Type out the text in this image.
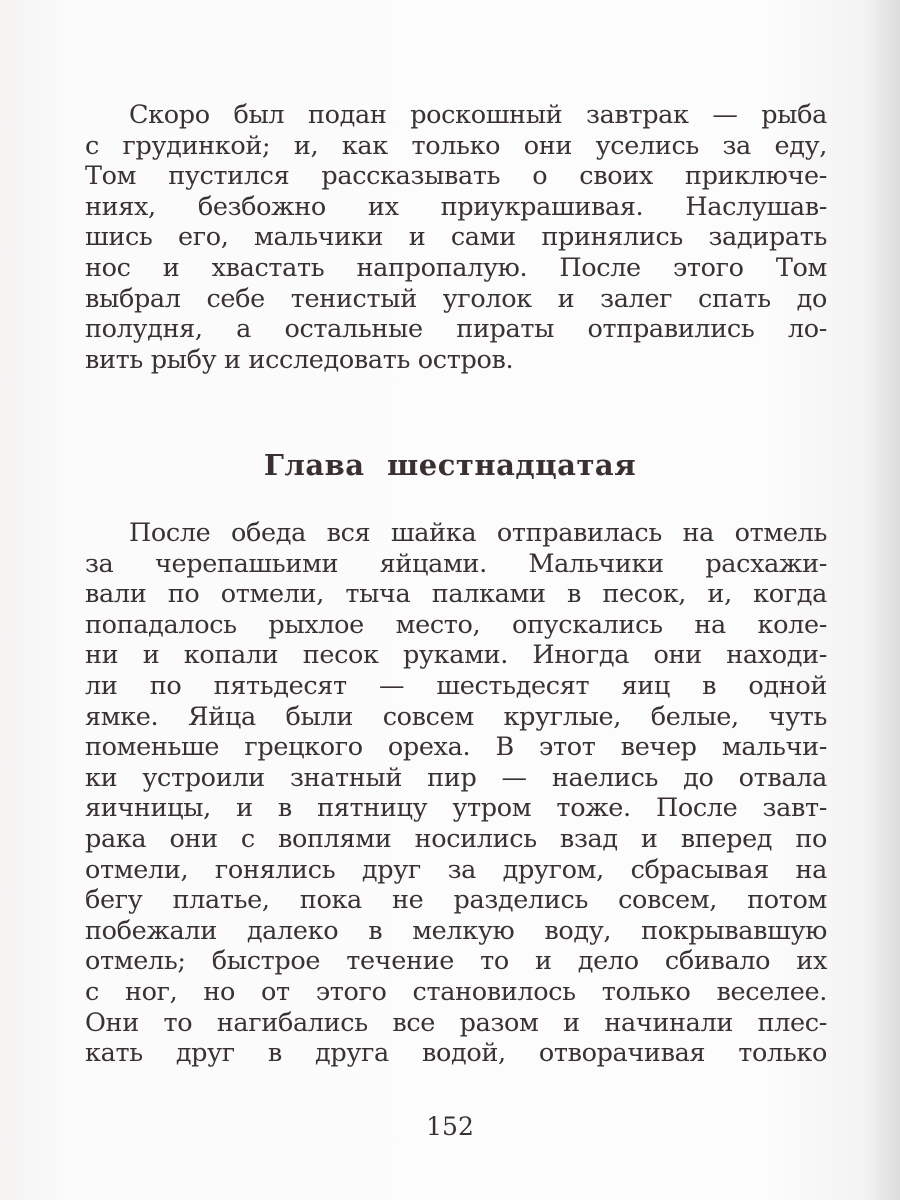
Скоро был подан роскошный завтрак — рыба
с грудинкой; и, как только они уселись за еду,
Том пустился рассказывать о своих приключе-
ниях, безбожно их приукрашивая. Наслушав-
шись его, мальчики и сами принялись задирать
нос и хвастать напропалую. После этого Том
выбрал себе тенистый уголок и залег спать до
полудня, а остальные пираты отправились ло-
вить рыбу и исследовать остров.
Глава шестнадцатая
После обеда вся шайка отправилась на отмель
за черепашьими яйцами. Мальчики расхажи-
вали по отмели, тыча палками в песок, и, когда
попадалось рыхлое место, опускались на коле-
ни и копали песок руками. Иногда они находи-
ли по пятьдесят — шестьдесят яиц в одной
ямке. Яйца были совсем круглые, белые, чуть
поменьше грецкого ореха. В этот вечер мальчи-
ки устроили знатный пир — наелись до отвала
яичницы, и в пятницу утром тоже. После завт-
рака они с воплями носились взад и вперед по
отмели, гонялись друг за другом, сбрасывая на
бегу платье, пока не разделись совсем, потом
побежали далеко в мелкую воду, покрывавшую
отмель; быстрое течение то и дело сбивало их
с ног, но от этого становилось только веселее.
Они то нагибались все разом и начинали плес-
кать друг в друга водой, отворачивая только
152
